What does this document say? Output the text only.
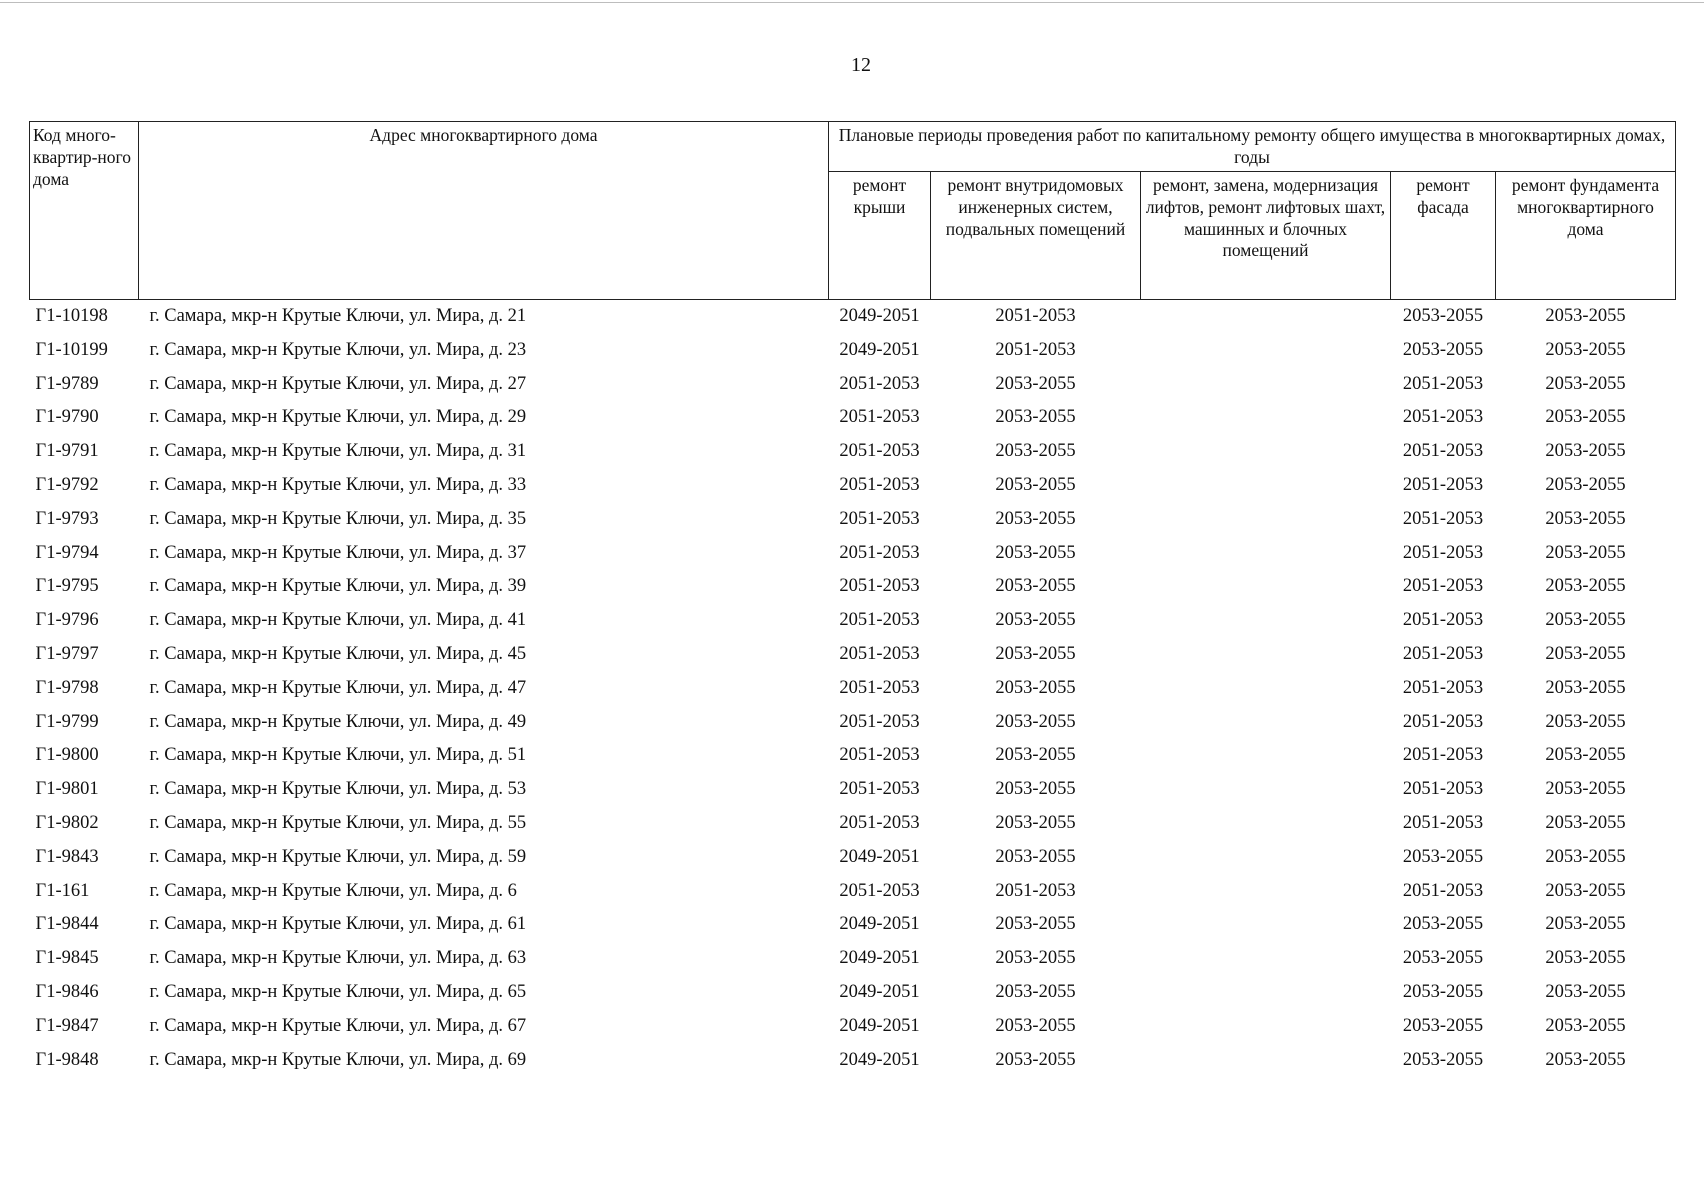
12
Код много-квартир-ного дома	Адрес многоквартирного дома	Плановые периоды проведения работ по капитальному ремонту общего имущества в многоквартирных домах, годы				
		ремонт крыши	ремонт внутридомовых инженерных систем, подвальных помещений	ремонт, замена, модернизация лифтов, ремонт лифтовых шахт, машинных и блочных помещений	ремонт фасада	ремонт фундамента многоквартирного дома
Г1-10198	г. Самара, мкр-н Крутые Ключи, ул. Мира, д. 21	2049-2051	2051-2053		2053-2055	2053-2055
Г1-10199	г. Самара, мкр-н Крутые Ключи, ул. Мира, д. 23	2049-2051	2051-2053		2053-2055	2053-2055
Г1-9789	г. Самара, мкр-н Крутые Ключи, ул. Мира, д. 27	2051-2053	2053-2055		2051-2053	2053-2055
Г1-9790	г. Самара, мкр-н Крутые Ключи, ул. Мира, д. 29	2051-2053	2053-2055		2051-2053	2053-2055
Г1-9791	г. Самара, мкр-н Крутые Ключи, ул. Мира, д. 31	2051-2053	2053-2055		2051-2053	2053-2055
Г1-9792	г. Самара, мкр-н Крутые Ключи, ул. Мира, д. 33	2051-2053	2053-2055		2051-2053	2053-2055
Г1-9793	г. Самара, мкр-н Крутые Ключи, ул. Мира, д. 35	2051-2053	2053-2055		2051-2053	2053-2055
Г1-9794	г. Самара, мкр-н Крутые Ключи, ул. Мира, д. 37	2051-2053	2053-2055		2051-2053	2053-2055
Г1-9795	г. Самара, мкр-н Крутые Ключи, ул. Мира, д. 39	2051-2053	2053-2055		2051-2053	2053-2055
Г1-9796	г. Самара, мкр-н Крутые Ключи, ул. Мира, д. 41	2051-2053	2053-2055		2051-2053	2053-2055
Г1-9797	г. Самара, мкр-н Крутые Ключи, ул. Мира, д. 45	2051-2053	2053-2055		2051-2053	2053-2055
Г1-9798	г. Самара, мкр-н Крутые Ключи, ул. Мира, д. 47	2051-2053	2053-2055		2051-2053	2053-2055
Г1-9799	г. Самара, мкр-н Крутые Ключи, ул. Мира, д. 49	2051-2053	2053-2055		2051-2053	2053-2055
Г1-9800	г. Самара, мкр-н Крутые Ключи, ул. Мира, д. 51	2051-2053	2053-2055		2051-2053	2053-2055
Г1-9801	г. Самара, мкр-н Крутые Ключи, ул. Мира, д. 53	2051-2053	2053-2055		2051-2053	2053-2055
Г1-9802	г. Самара, мкр-н Крутые Ключи, ул. Мира, д. 55	2051-2053	2053-2055		2051-2053	2053-2055
Г1-9843	г. Самара, мкр-н Крутые Ключи, ул. Мира, д. 59	2049-2051	2053-2055		2053-2055	2053-2055
Г1-161	г. Самара, мкр-н Крутые Ключи, ул. Мира, д. 6	2051-2053	2051-2053		2051-2053	2053-2055
Г1-9844	г. Самара, мкр-н Крутые Ключи, ул. Мира, д. 61	2049-2051	2053-2055		2053-2055	2053-2055
Г1-9845	г. Самара, мкр-н Крутые Ключи, ул. Мира, д. 63	2049-2051	2053-2055		2053-2055	2053-2055
Г1-9846	г. Самара, мкр-н Крутые Ключи, ул. Мира, д. 65	2049-2051	2053-2055		2053-2055	2053-2055
Г1-9847	г. Самара, мкр-н Крутые Ключи, ул. Мира, д. 67	2049-2051	2053-2055		2053-2055	2053-2055
Г1-9848	г. Самара, мкр-н Крутые Ключи, ул. Мира, д. 69	2049-2051	2053-2055		2053-2055	2053-2055
